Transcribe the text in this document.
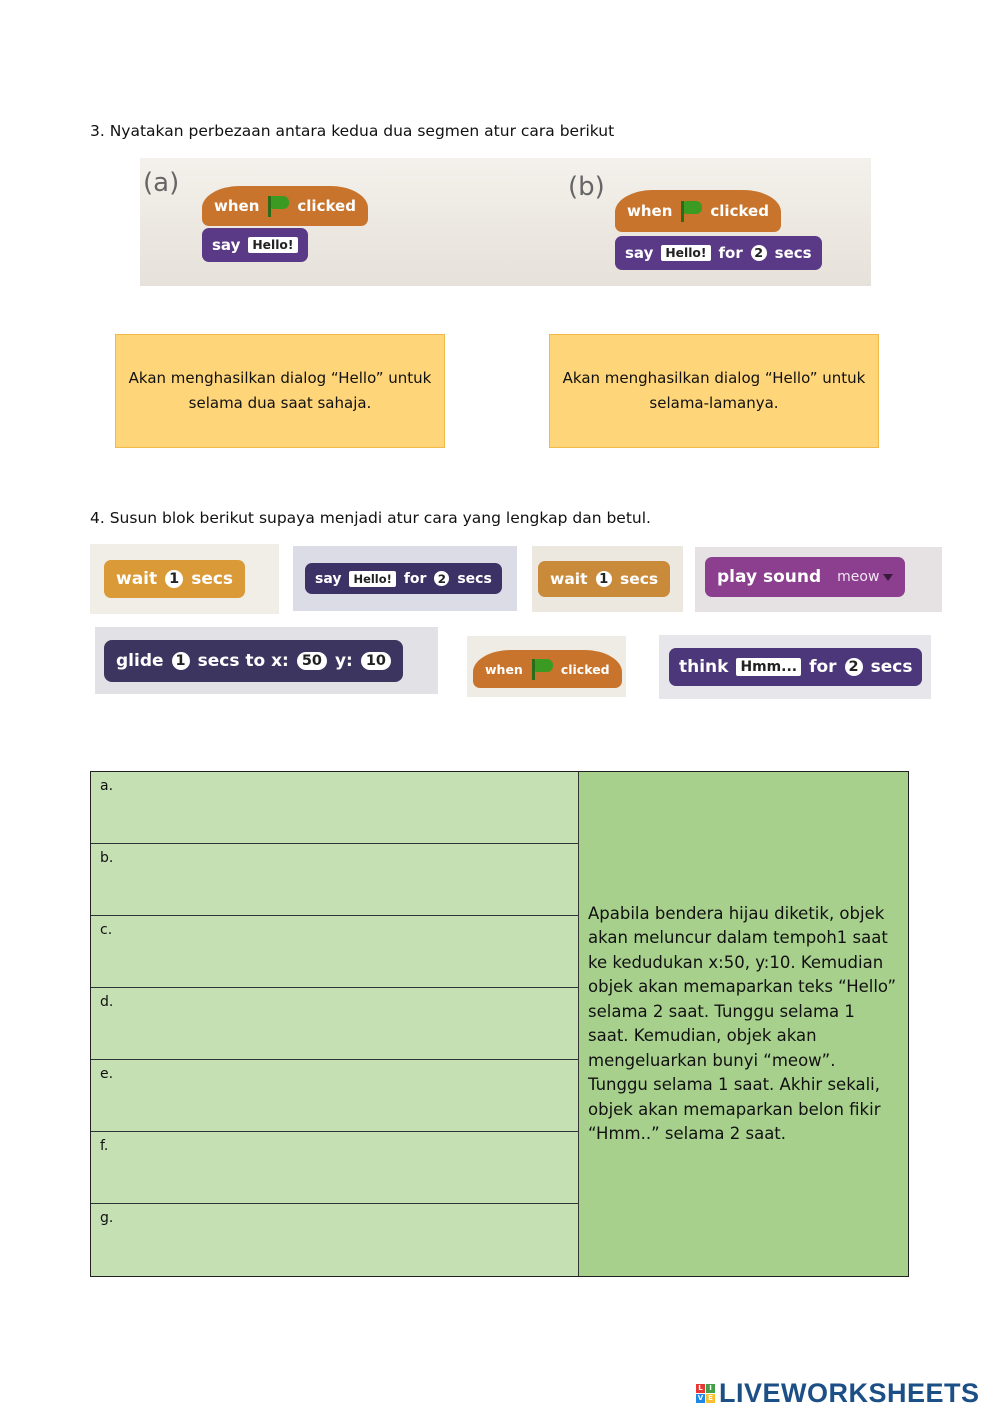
3. Nyatakan perbezaan antara kedua dua segmen atur cara berikut
(a)
when	clicked
say Hello!
(b)
when	clicked
say Hello! for 2 secs
Akan menghasilkan dialog “Hello” untuk selama dua saat sahaja.
Akan menghasilkan dialog “Hello” untuk selama-lamanya.
4. Susun blok berikut supaya menjadi atur cara yang lengkap dan betul.
wait 1 secs	say	Hello! for 2 secs	wait 1 secs	play sound meow
glide 1 secs to x: 50 y: 10	when	clicked	think Hmm... for 2 secs
a.
b.
c.
d.
e.
f.
g.
Apabila bendera hijau diketik, objek akan meluncur dalam tempoh1 saat ke kedudukan x:50, y:10. Kemudian objek akan memaparkan teks “Hello” selama 2 saat. Tunggu selama 1 saat. Kemudian, objek akan mengeluarkan bunyi “meow”. Tunggu selama 1 saat. Akhir sekali, objek akan memaparkan belon fikir “Hmm..” selama 2 saat.
L I
V E LIVEWORKSHEETS
